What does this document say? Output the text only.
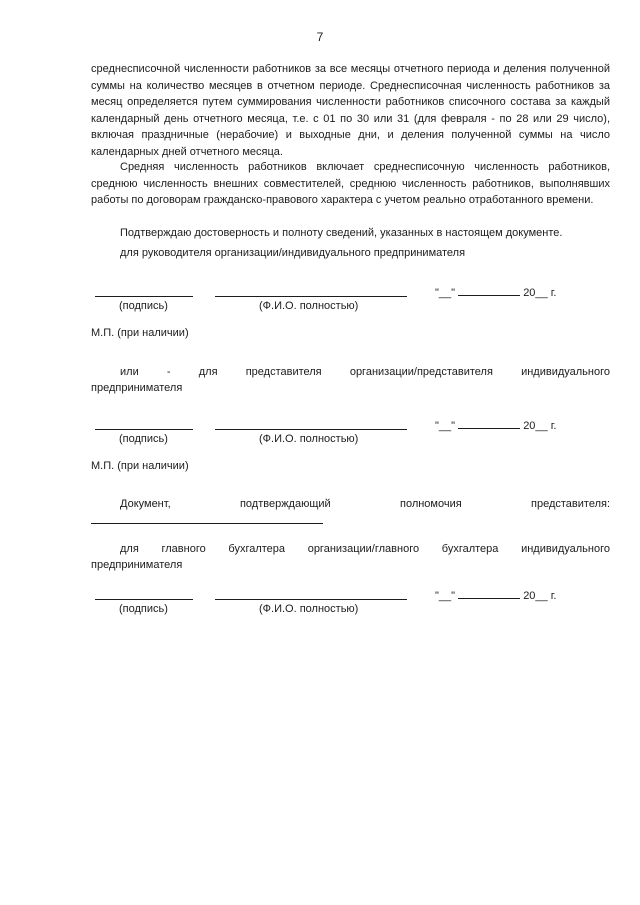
7

среднесписочной численности работников за все месяцы отчетного периода и деления полученной суммы на количество месяцев в отчетном периоде. Среднесписочная численность работников за месяц определяется путем суммирования численности работников списочного состава за каждый календарный день отчетного месяца, т.е. с 01 по 30 или 31 (для февраля - по 28 или 29 число), включая праздничные (нерабочие) и выходные дни, и деления полученной суммы на число календарных дней отчетного месяца.

Средняя численность работников включает среднесписочную численность работников, среднюю численность внешних совместителей, среднюю численность работников, выполнявших работы по договорам гражданско-правового характера с учетом реально отработанного времени.

Подтверждаю достоверность и полноту сведений, указанных в настоящем документе.

для руководителя организации/индивидуального предпринимателя

"__"	20__ г.
(подпись)	(Ф.И.О. полностью)
М.П. (при наличии)

или - для представителя организации/представителя индивидуального

предпринимателя

"__"	20__ г.
(подпись)	(Ф.И.О. полностью)
М.П. (при наличии)

Документ, подтверждающий полномочия представителя:

для главного бухгалтера организации/главного бухгалтера индивидуального

предпринимателя

"__"	20__ г.
(подпись)	(Ф.И.О. полностью)
